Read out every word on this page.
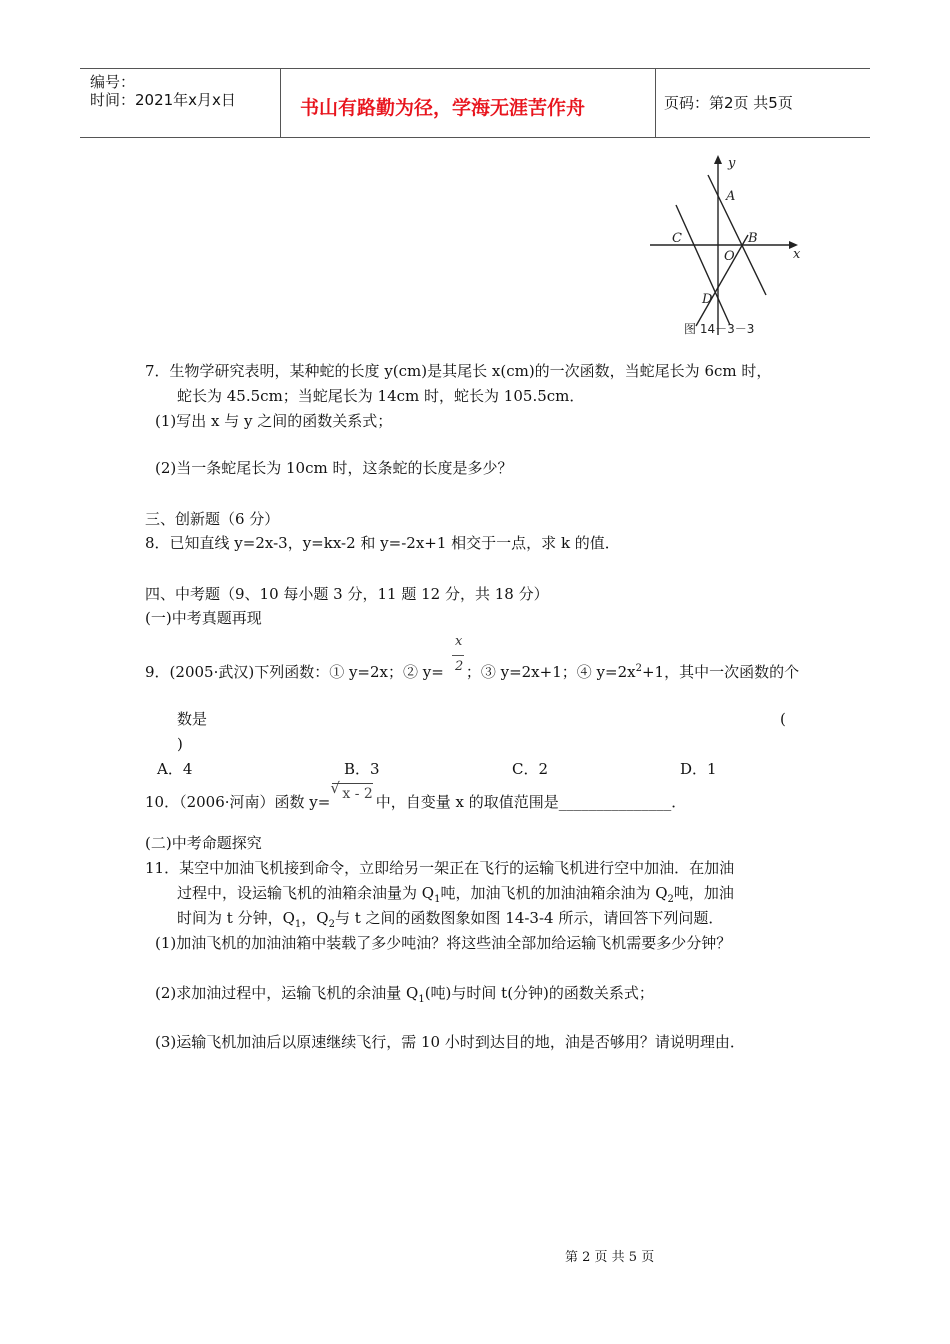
编号：
时间：2021年x月x日	书山有路勤为径，学海无涯苦作舟	页码：第2页 共5页
y
A
C	B
O	x
D
图 14－3－3
7．生物学研究表明，某种蛇的长度 y(cm)是其尾长 x(cm)的一次函数，当蛇尾长为 6cm 时，
蛇长为 45.5cm；当蛇尾长为 14cm 时，蛇长为 105.5cm．
(1)写出 x 与 y 之间的函数关系式；
(2)当一条蛇尾长为 10cm 时，这条蛇的长度是多少？
三、创新题（6 分）
8．已知直线 y=2x-3，y=kx-2 和 y=-2x+1 相交于一点，求 k 的值．
四、中考题（9、10 每小题 3 分，11 题 12 分，共 18 分）
(一)中考真题再现
x
2
9．(2005·武汉)下列函数：① y=2x；② y= ；③ y=2x+1；④ $y=2x^2+1$，其中一次函数的个
数是	(
)
A．4	B．3	C．2	D．1
10．（2006·河南）函数 y=
√ x - 2 中，自变量 x 的取值范围是_______________．
(二)中考命题探究
11．某空中加油飞机接到命令，立即给另一架正在飞行的运输飞机进行空中加油．在加油
过程中，设运输飞机的油箱余油量为 $Q_1$吨，加油飞机的加油油箱余油为 $Q_2$吨，加油
时间为 t 分钟，$Q_1$，$Q_2$与 t 之间的函数图象如图 14-3-4 所示，请回答下列问题．
(1)加油飞机的加油油箱中装载了多少吨油？将这些油全部加给运输飞机需要多少分钟？
(2)求加油过程中，运输飞机的余油量 $Q_1$(吨)与时间 t(分钟)的函数关系式；
(3)运输飞机加油后以原速继续飞行，需 10 小时到达目的地，油是否够用？请说明理由．
第 2 页 共 5 页
